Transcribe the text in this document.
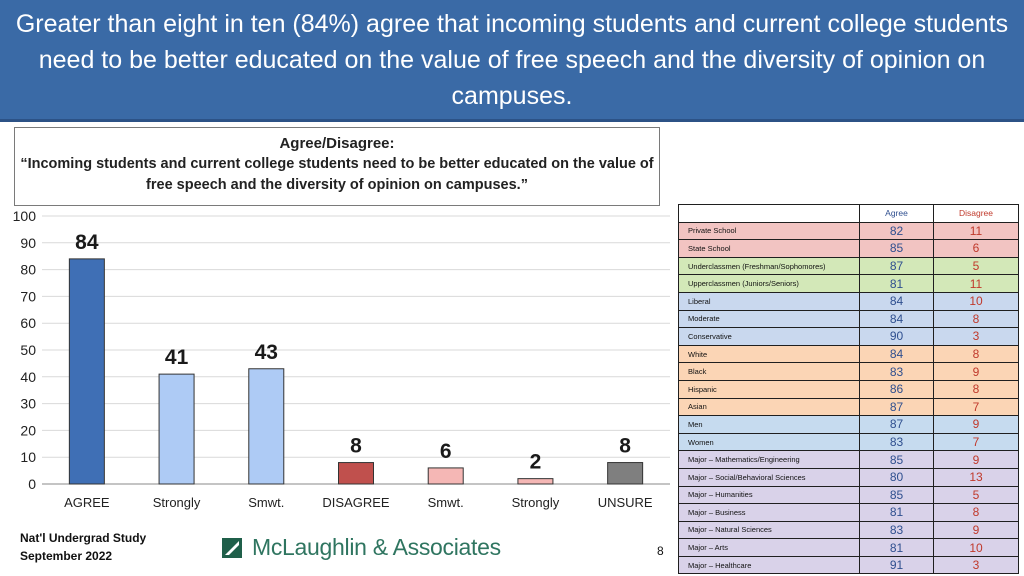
Greater than eight in ten (84%) agree that incoming students and current college students need to be better educated on the value of free speech and the diversity of opinion on campuses.
Agree/Disagree:
“Incoming students and current college students need to be better educated on the value of free speech and the diversity of opinion on campuses.”
0
10
20
30
40
50
60
70
80
90
100
84
AGREE
41
Strongly
43
Smwt.
8
DISAGREE
6
Smwt.
2
Strongly
8
UNSURE
	Agree	Disagree
Private School	82	11
State School	85	6
Underclassmen (Freshman/Sophomores)	87	5
Upperclassmen (Juniors/Seniors)	81	11
Liberal	84	10
Moderate	84	8
Conservative	90	3
White	84	8
Black	83	9
Hispanic	86	8
Asian	87	7
Men	87	9
Women	83	7
Major – Mathematics/Engineering	85	9
Major – Social/Behavioral Sciences	80	13
Major – Humanities	85	5
Major – Business	81	8
Major – Natural Sciences	83	9
Major – Arts	81	10
Major – Healthcare	91	3
Nat'l Undergrad Study
September 2022	McLaughlin & Associates	8
